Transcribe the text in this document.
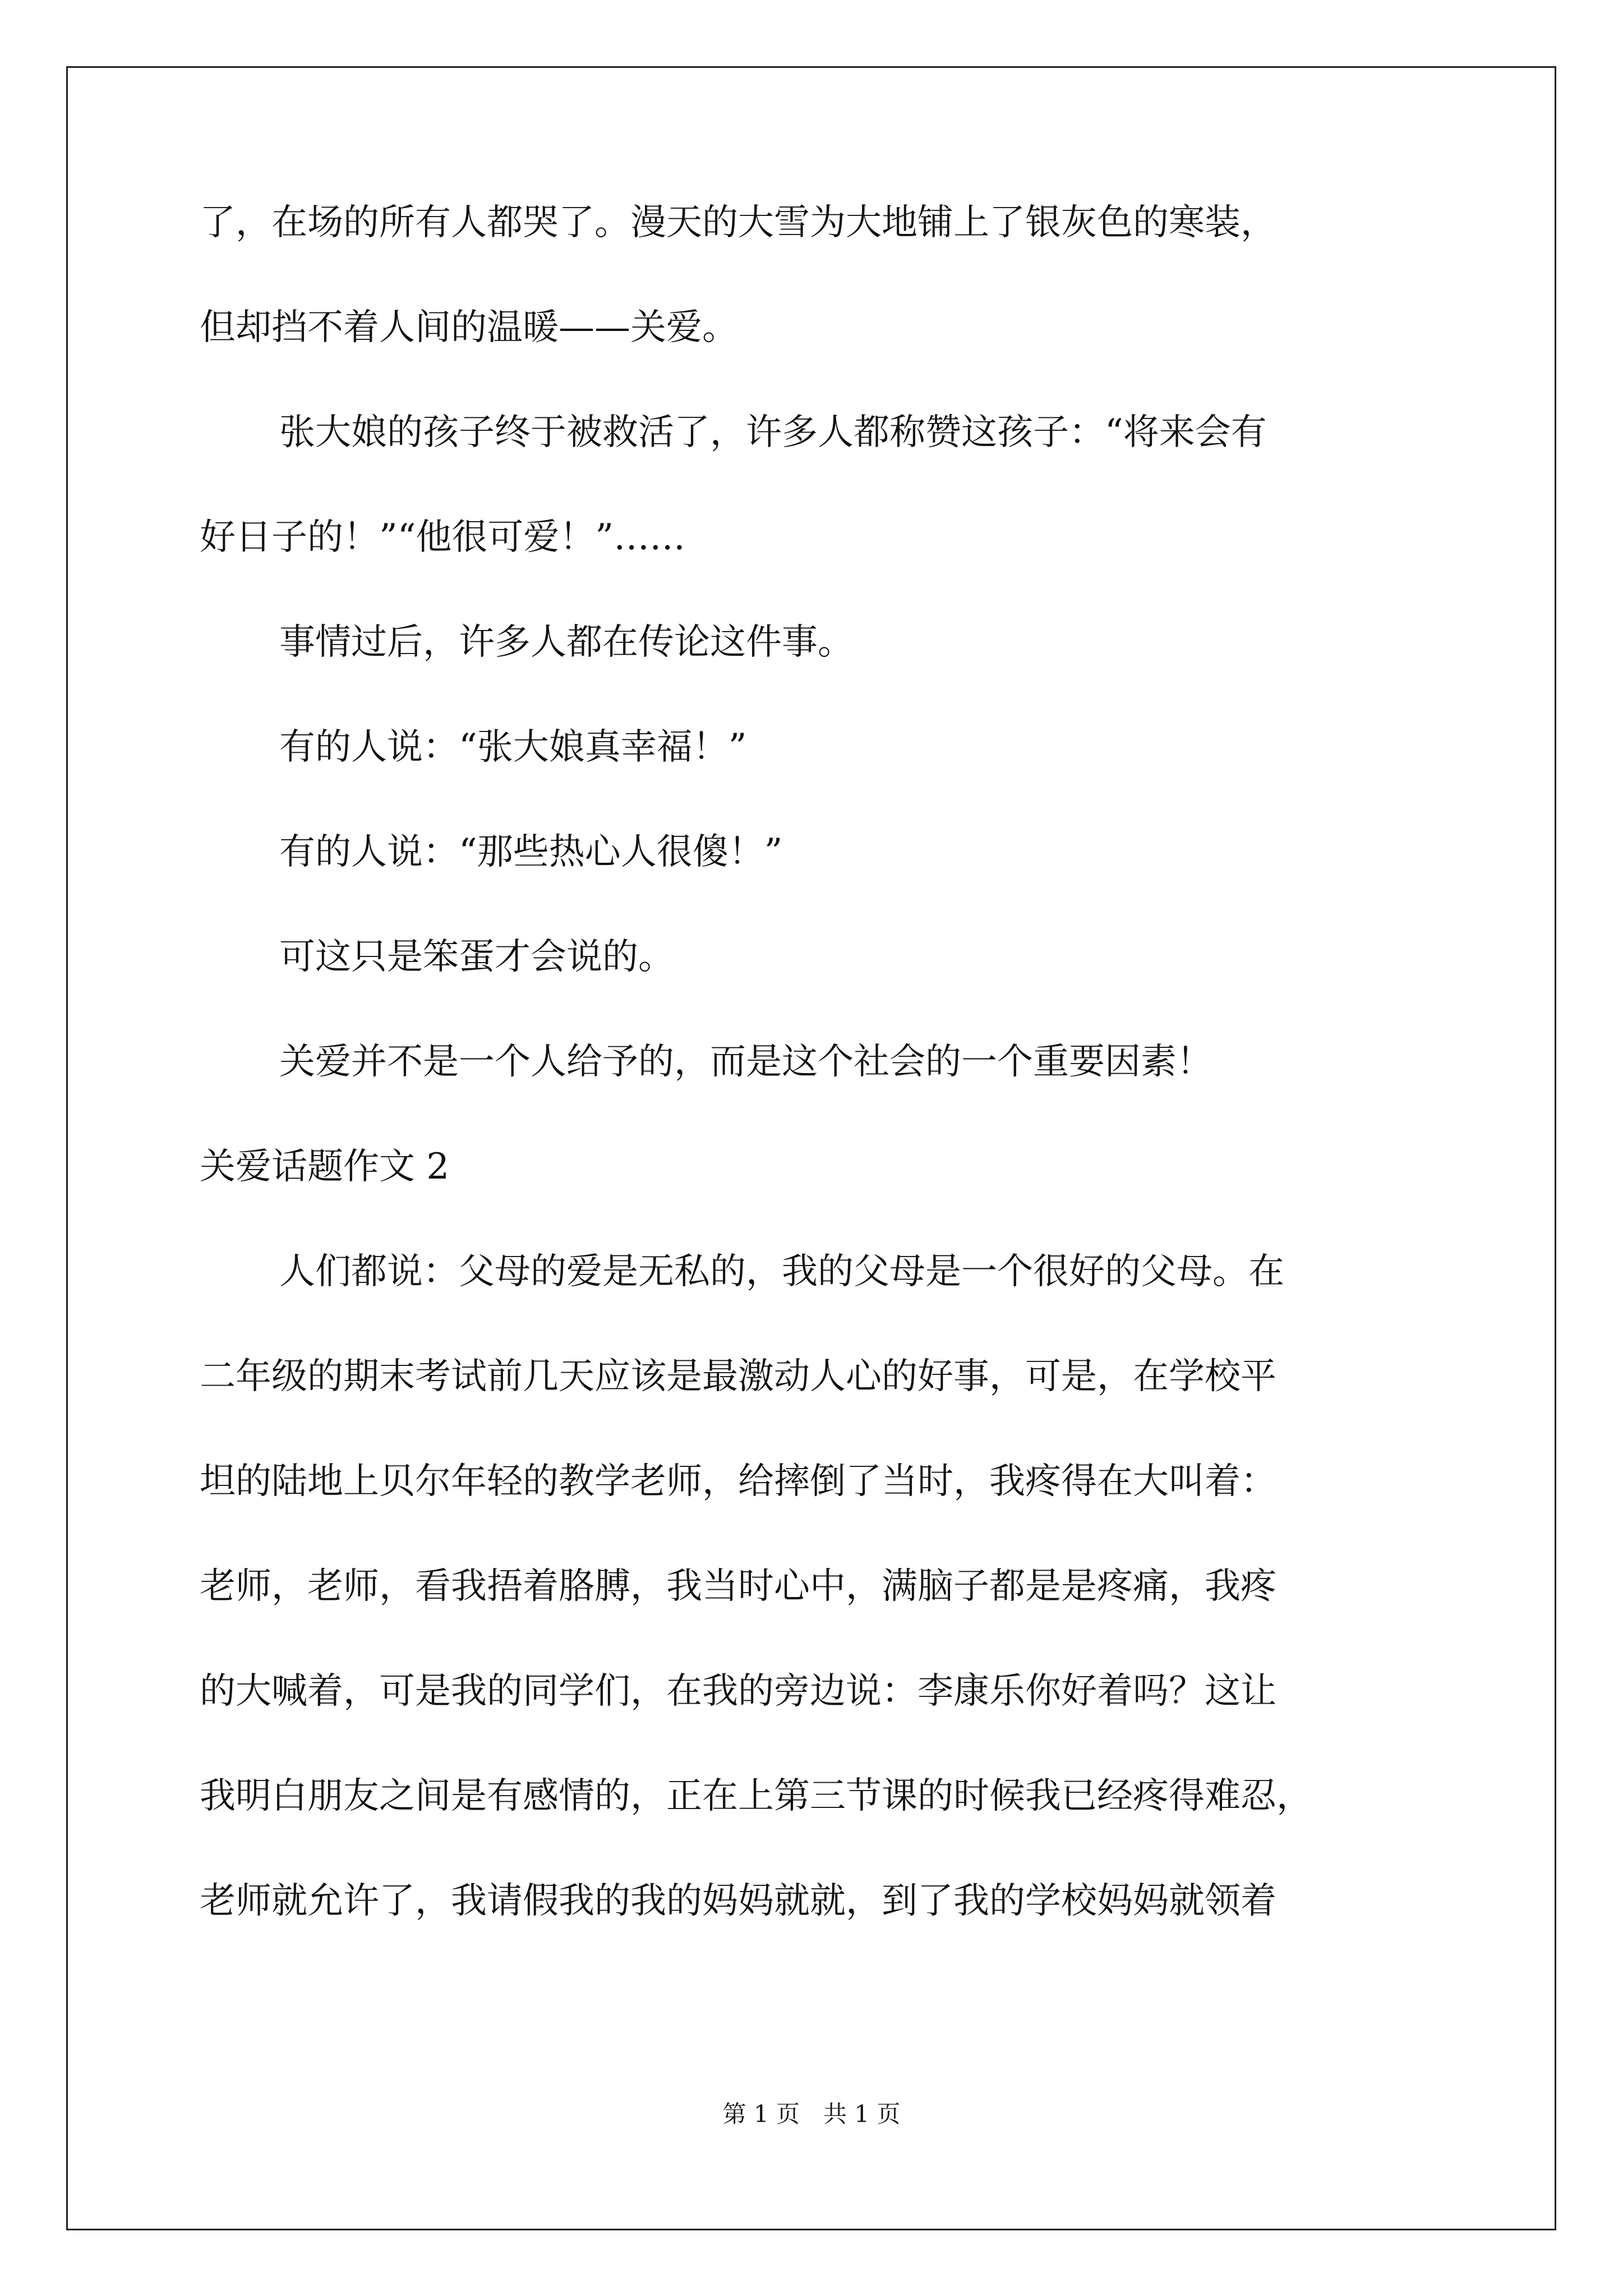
了，在场的所有人都哭了。漫天的大雪为大地铺上了银灰色的寒装，
但却挡不着人间的温暖——关爱。
张大娘的孩子终于被救活了，许多人都称赞这孩子：“将来会有
好日子的！”“他很可爱！”……
事情过后，许多人都在传论这件事。
有的人说：“张大娘真幸福！”
有的人说：“那些热心人很傻！”
可这只是笨蛋才会说的。
关爱并不是一个人给予的，而是这个社会的一个重要因素！
关爱话题作文 2
人们都说：父母的爱是无私的，我的父母是一个很好的父母。在
二年级的期末考试前几天应该是最激动人心的好事，可是，在学校平
坦的陆地上贝尔年轻的教学老师，给摔倒了当时，我疼得在大叫着：
老师，老师，看我捂着胳膊，我当时心中，满脑子都是是疼痛，我疼
的大喊着，可是我的同学们，在我的旁边说：李康乐你好着吗？这让
我明白朋友之间是有感情的，正在上第三节课的时候我已经疼得难忍，
老师就允许了，我请假我的我的妈妈就就，到了我的学校妈妈就领着
第 1 页　共 1 页
